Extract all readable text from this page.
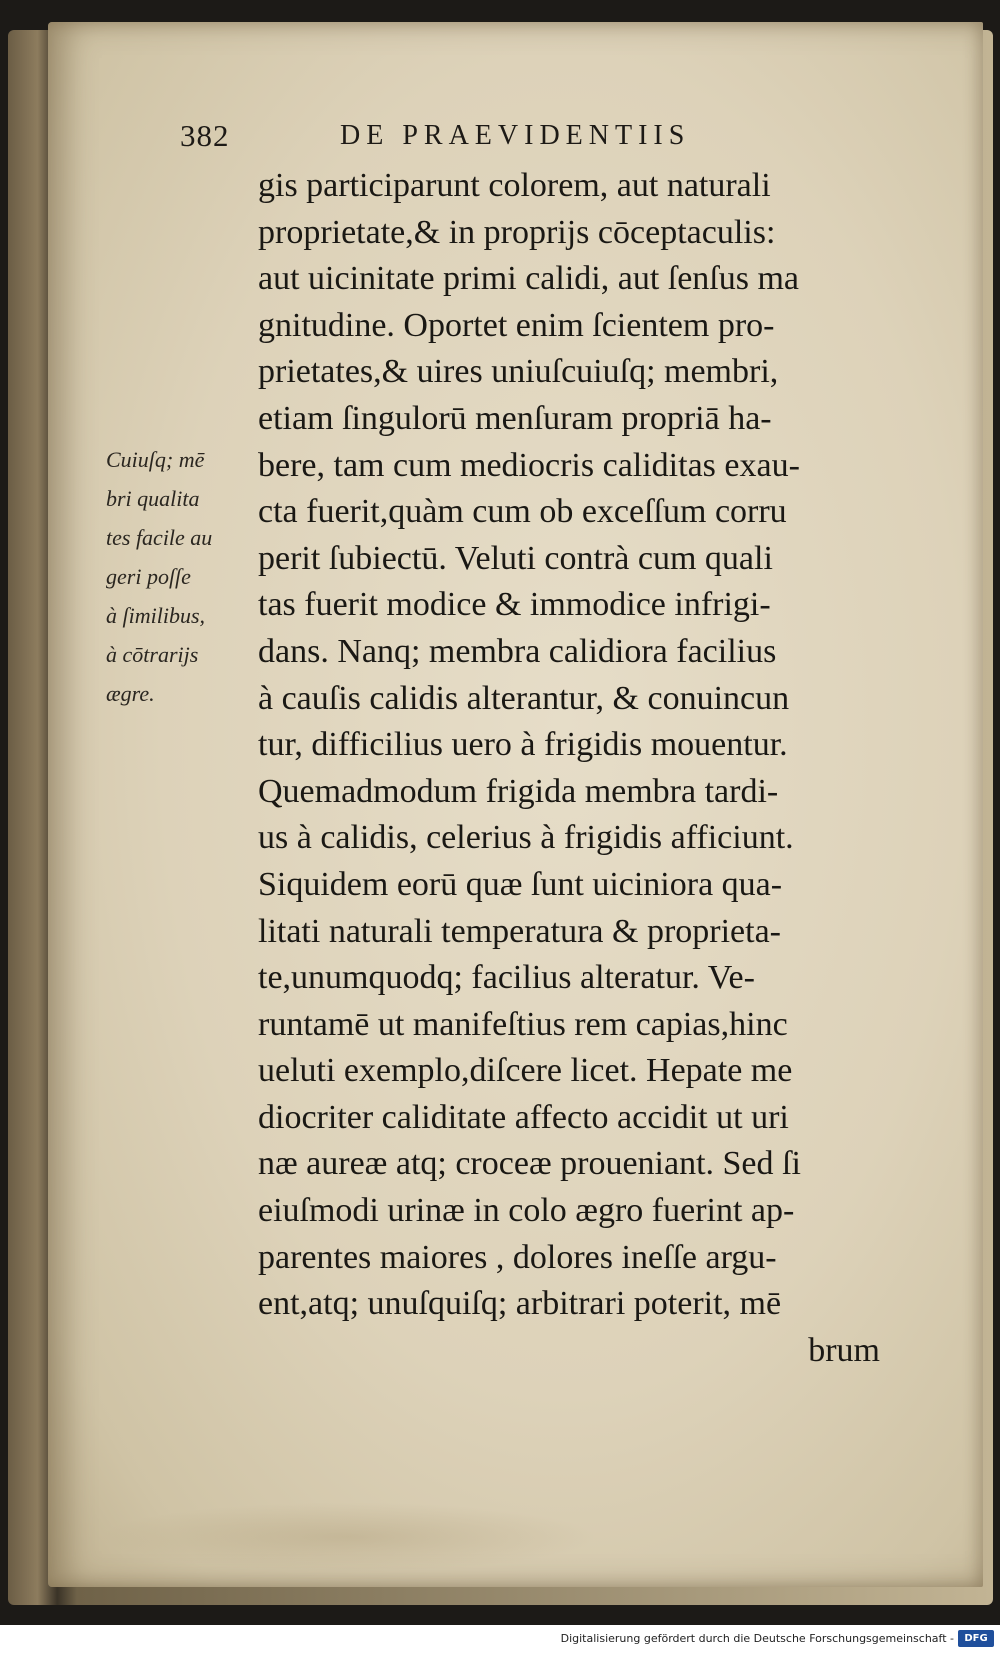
382	DE PRAEVIDENTIIS
gis participarunt colorem, aut naturali
proprietate,& in proprijs cōceptaculis:
aut uicinitate primi calidi, aut ſenſus ma
gnitudine. Oportet enim ſcientem pro-
prietates,& uires uniuſcuiuſq; membri,
etiam ſingulorū menſuram propriā ha-
bere, tam cum mediocris caliditas exau-
cta fuerit,quàm cum ob exceſſum corru
perit ſubiectū. Veluti contrà cum quali
tas fuerit modice & immodice infrigi-
dans. Nanq; membra calidiora facilius
à cauſis calidis alterantur, & conuincun
tur, difficilius uero à frigidis mouentur.
Quemadmodum frigida membra tardi-
us à calidis, celerius à frigidis afficiunt.
Siquidem eorū quæ ſunt uiciniora qua-
litati naturali temperatura & proprieta-
te,unumquodq; facilius alteratur. Ve-
runtamē ut manifeſtius rem capias,hinc
ueluti exemplo,diſcere licet. Hepate me
diocriter caliditate affecto accidit ut uri
næ aureæ atq; croceæ proueniant. Sed ſi
eiuſmodi urinæ in colo ægro fuerint ap-
parentes maiores , dolores ineſſe argu-
ent,atq; unuſquiſq; arbitrari poterit, mē
brum
Cuiuſq; mē
bri qualita
tes facile au
geri poſſe
à ſimilibus,
à cōtrarijs
ægre.
Digitalisierung gefördert durch die Deutsche Forschungsgemeinschaft -	DFG
